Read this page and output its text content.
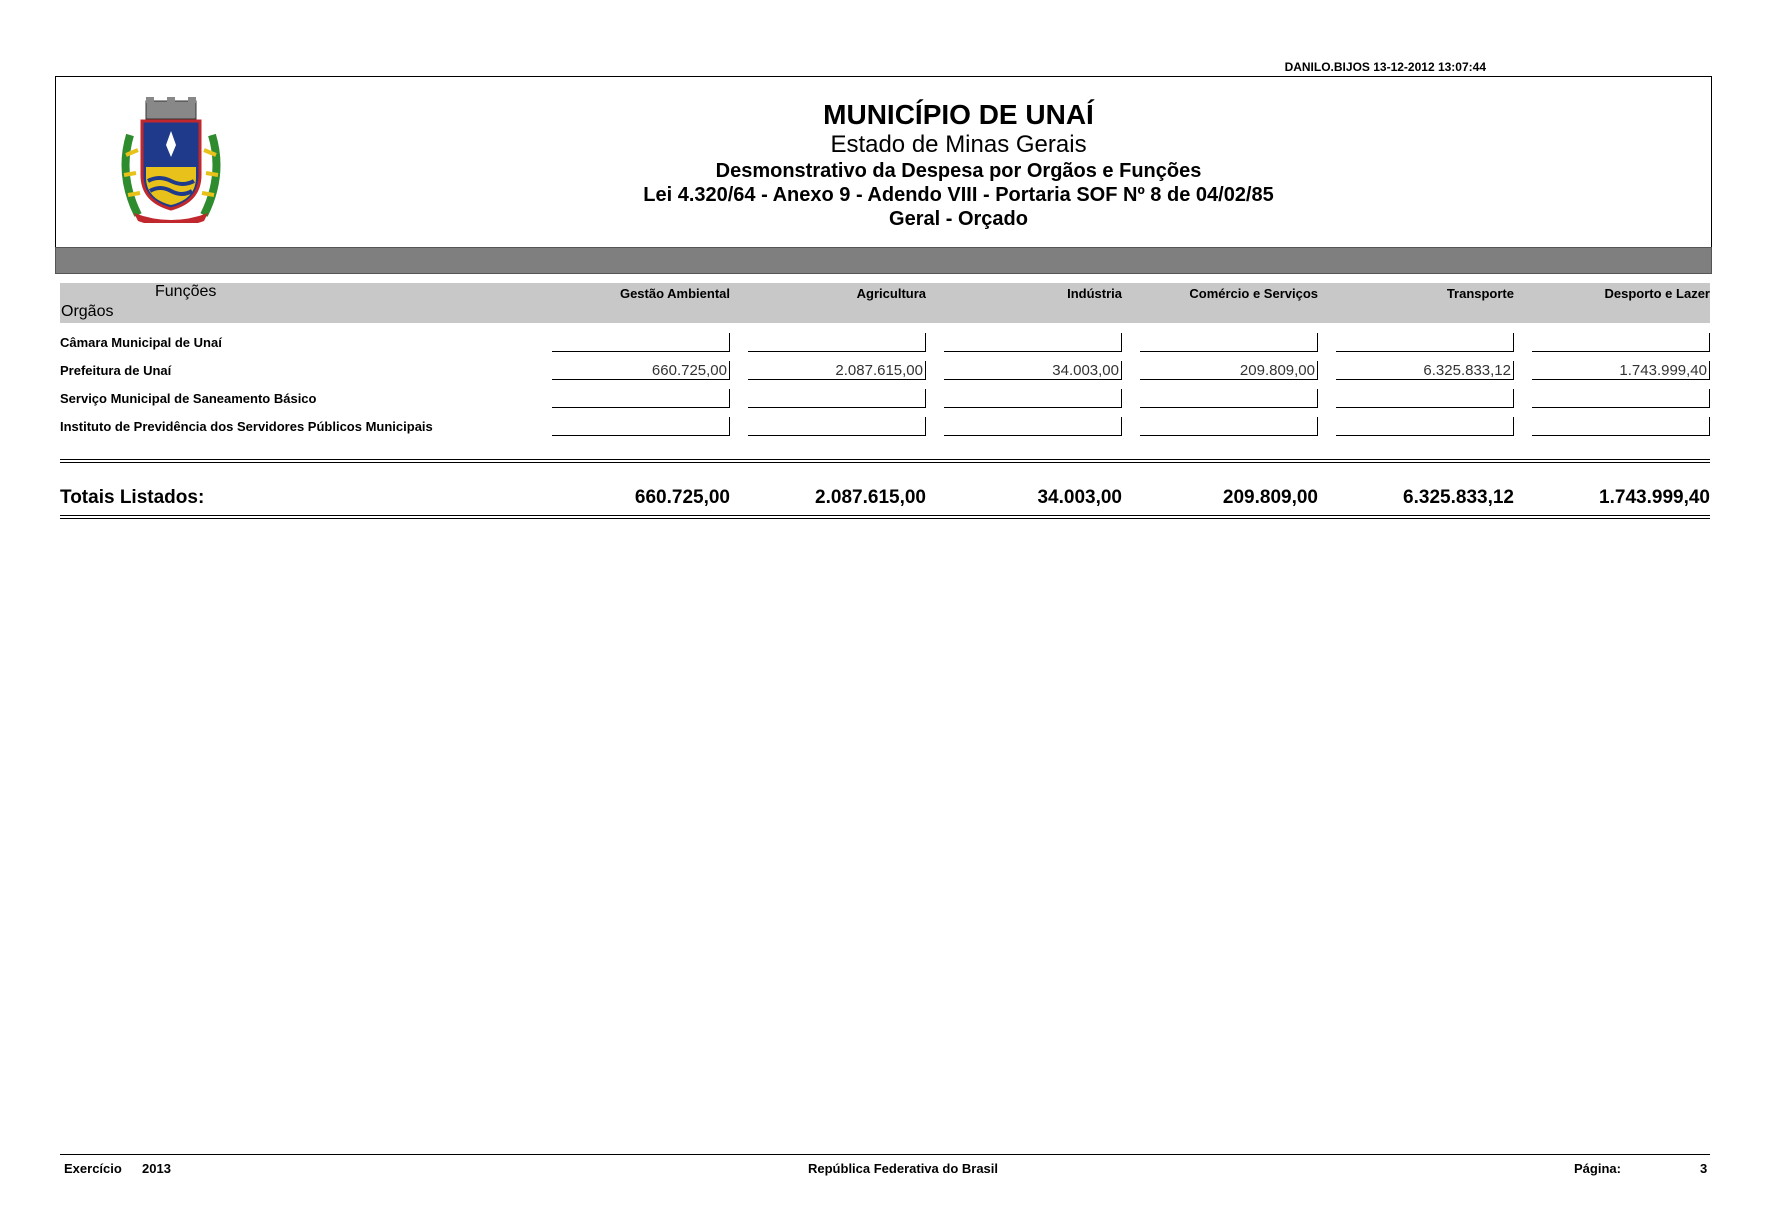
DANILO.BIJOS 13-12-2012 13:07:44
MUNICÍPIO DE UNAÍ
Estado de Minas Gerais
Desmonstrativo da Despesa por Orgãos e Funções
Lei 4.320/64 - Anexo 9 - Adendo VIII - Portaria SOF Nº 8 de 04/02/85
Geral - Orçado
Funções
Orgãos
Gestão Ambiental	Agricultura	Indústria	Comércio e Serviços	Transporte	Desporto e Lazer
Câmara Municipal de Unaí
Prefeitura de Unaí	660.725,00	2.087.615,00	34.003,00	209.809,00	6.325.833,12	1.743.999,40
Serviço Municipal de Saneamento Básico
Instituto de Previdência dos Servidores Públicos Municipais
Totais Listados:	660.725,00	2.087.615,00	34.003,00	209.809,00	6.325.833,12	1.743.999,40
Exercício 2013	República Federativa do Brasil	Página:	3
